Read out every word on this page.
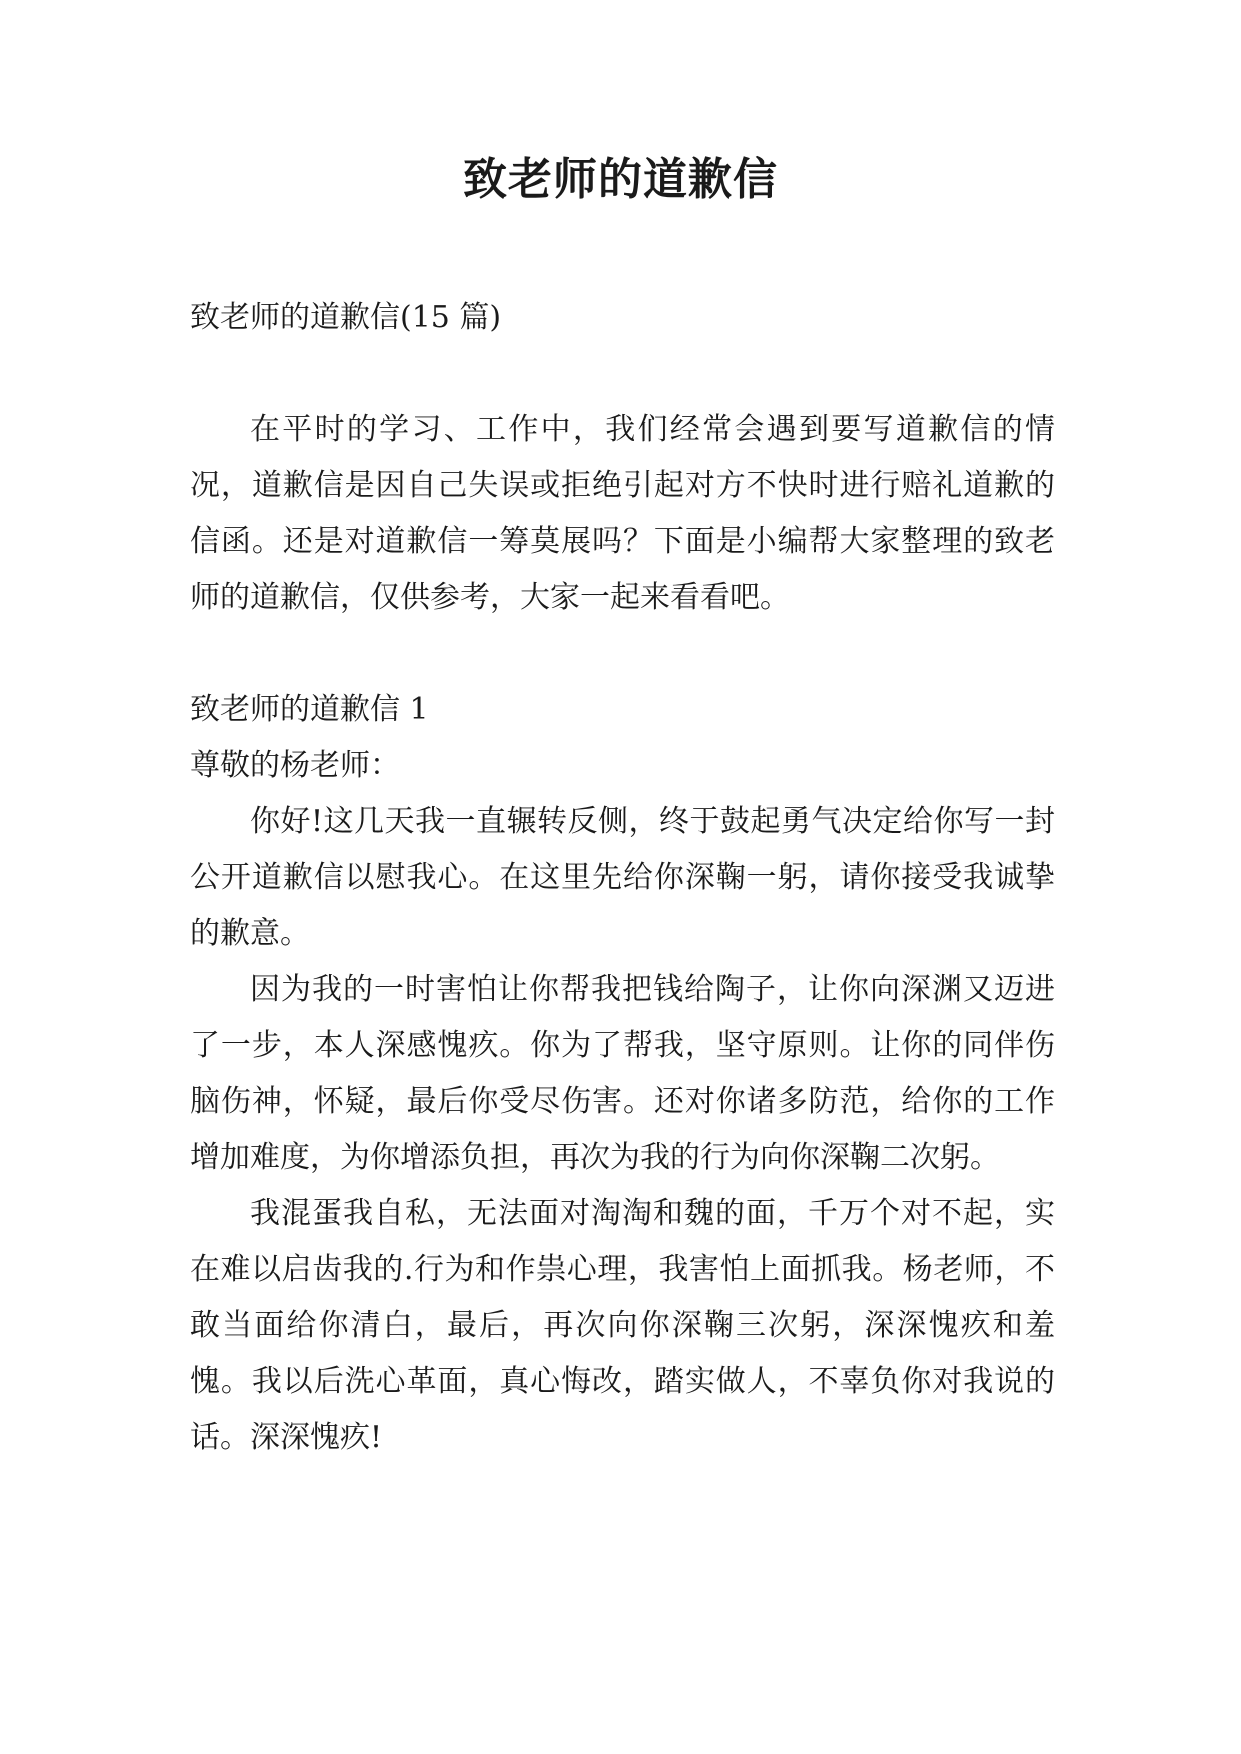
致老师的道歉信
致老师的道歉信(15 篇)

在平时的学习、工作中，我们经常会遇到要写道歉信的情况，道歉信是因自己失误或拒绝引起对方不快时进行赔礼道歉的信函。还是对道歉信一筹莫展吗？下面是小编帮大家整理的致老师的道歉信，仅供参考，大家一起来看看吧。

致老师的道歉信 1
尊敬的杨老师：

你好!这几天我一直辗转反侧，终于鼓起勇气决定给你写一封公开道歉信以慰我心。在这里先给你深鞠一躬，请你接受我诚挚的歉意。

因为我的一时害怕让你帮我把钱给陶子，让你向深渊又迈进了一步，本人深感愧疚。你为了帮我，坚守原则。让你的同伴伤脑伤神，怀疑，最后你受尽伤害。还对你诸多防范，给你的工作增加难度，为你增添负担，再次为我的行为向你深鞠二次躬。

我混蛋我自私，无法面对淘淘和魏的面，千万个对不起，实在难以启齿我的.行为和作祟心理，我害怕上面抓我。杨老师，不敢当面给你清白，最后，再次向你深鞠三次躬，深深愧疚和羞愧。我以后洗心革面，真心悔改，踏实做人，不辜负你对我说的话。深深愧疚!
